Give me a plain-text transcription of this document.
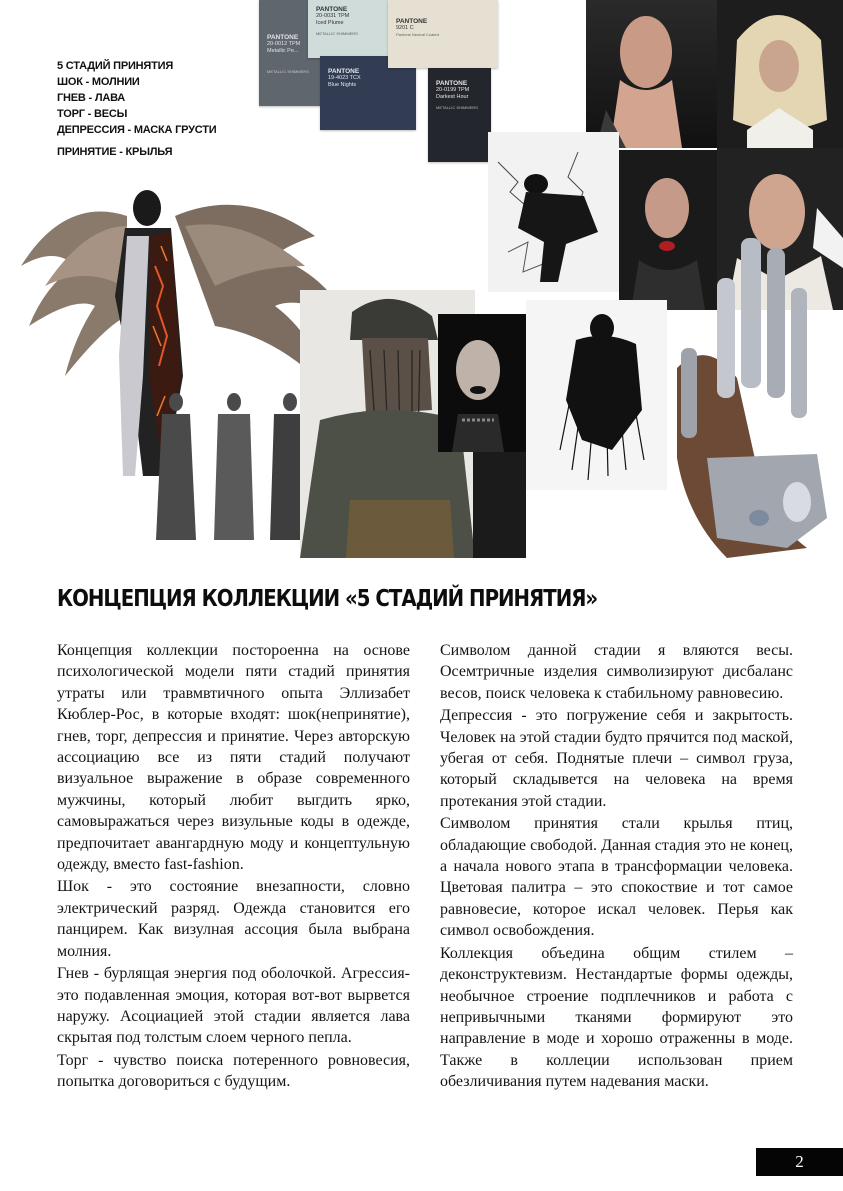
5 СТАДИЙ ПРИНЯТИЯ
ШОК - МОЛНИИ
ГНЕВ - ЛАВА
ТОРГ - ВЕСЫ
ДЕПРЕССИЯ - МАСКА ГРУСТИ
ПРИНЯТИЕ - КРЫЛЬЯ
PANTONE
20-0012 TPM
Metallic Pe...
METALLIC SHIMMERS
PANTONE
20-0031 TPM
Iced Plume
METALLIC SHIMMERS
PANTONE
19-4023 TCX
Blue Nights
PANTONE
9201 C
Pantone Neutral Coated
PANTONE
20-0199 TPM
Darkest Hour
METALLIC SHIMMERS
КОНЦЕПЦИЯ КОЛЛЕКЦИИ «5 СТАДИЙ ПРИНЯТИЯ»

Концепция коллекции постороенна на основе психологической модели пяти стадий принятия утраты или травмвтичного опыта Эллизабет Кюблер-Рос, в которые входят: шок(непринятие), гнев, торг, депрессия и принятие. Через авторскую ассоциацию все из пяти стадий получают визуальное выражение в образе современного мужчины, который любит выгдить ярко, самовыражаться через визульные коды в одежде, пpедпочитает авангардную моду и концептульную одежду, вместо fast-fashion.

Шок - это состояние внезапности, словно электрический разряд. Одежда становится его панцирем. Как визулная ассоция была выбрана молния.

Гнев - бурлящая энергия под оболочкой. Агрессия-это подавленная эмоция, которая вот-вот вырвется наружу. Асоциацией этой стадии является лава скрытая под толстым слоем черного пепла.

Торг - чувство поиска потеренного ровновесия, попытка договориться с будущим.

Символом данной стадии я вляются весы. Осемтричные изделия символизируют дисбаланс весов, поиск человека к стабильному равновесию.

Депрессия - это погружение себя и закрытость. Человек на этой стадии будто прячится под маской, убегая от себя. Поднятые плечи – символ груза, который складывется на человека на время протекания этой стадии.

Символом принятия стали крылья птиц, обладающие свободой. Данная стадия это не конец, а начала нового этапа в трансформации человека. Цветовая палитра – это спокоствие и тот самое равновесие, которое искал человек. Перья как символ освобождения.

Коллекция объедина общим стилем – деконструктевизм. Нестандартые формы одежды, необычное строение подплечников и работа с непривычными тканями формируют это направление в моде и хорошо отраженны в моде. Также в коллеции использован прием обезличивания путем надевания маски.

2
